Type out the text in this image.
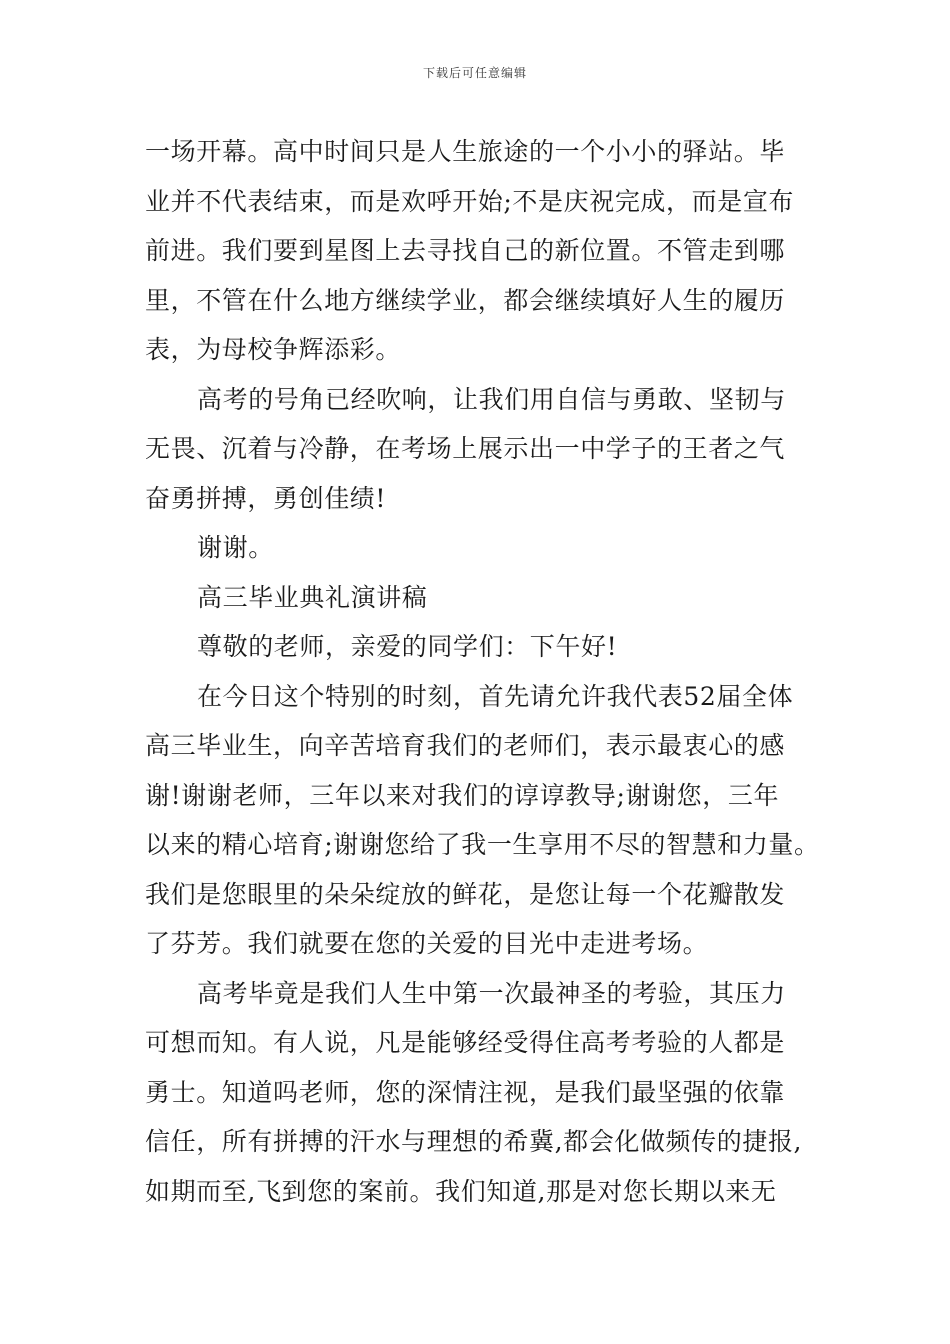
下载后可任意编辑
一场开幕。高中时间只是人生旅途的一个小小的驿站。毕
业并不代表结束，而是欢呼开始;不是庆祝完成，而是宣布
前进。我们要到星图上去寻找自己的新位置。不管走到哪
里，不管在什么地方继续学业，都会继续填好人生的履历
表，为母校争辉添彩。
高考的号角已经吹响，让我们用自信与勇敢、坚韧与
无畏、沉着与冷静，在考场上展示出一中学子的王者之气
奋勇拼搏，勇创佳绩!
谢谢。
高三毕业典礼演讲稿
尊敬的老师，亲爱的同学们：下午好!
在今日这个特别的时刻，首先请允许我代表52届全体
高三毕业生，向辛苦培育我们的老师们，表示最衷心的感
谢!谢谢老师，三年以来对我们的谆谆教导;谢谢您，三年
以来的精心培育;谢谢您给了我一生享用不尽的智慧和力量。
我们是您眼里的朵朵绽放的鲜花，是您让每一个花瓣散发
了芬芳。我们就要在您的关爱的目光中走进考场。
高考毕竟是我们人生中第一次最神圣的考验，其压力
可想而知。有人说，凡是能够经受得住高考考验的人都是
勇士。知道吗老师，您的深情注视，是我们最坚强的依靠
信任，所有拼搏的汗水与理想的希冀,都会化做频传的捷报,
如期而至,飞到您的案前。我们知道,那是对您长期以来无
